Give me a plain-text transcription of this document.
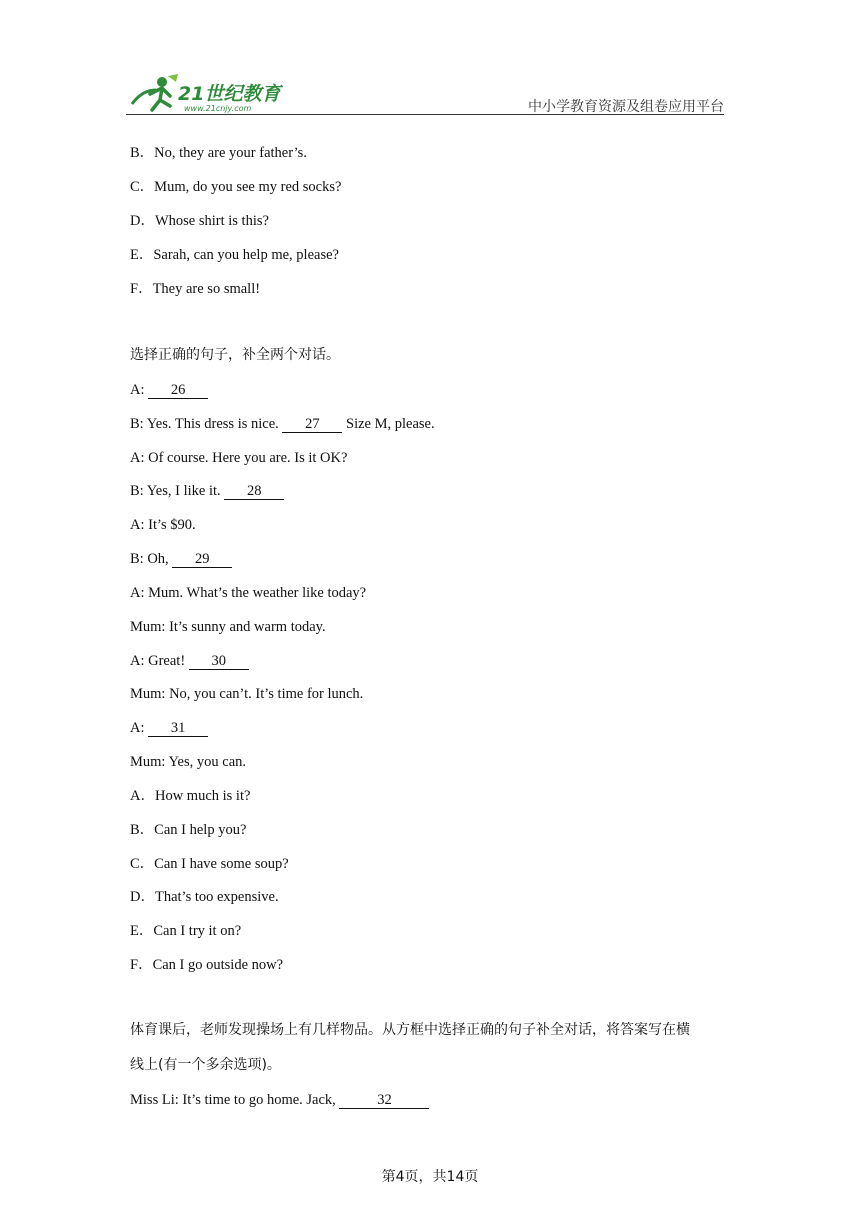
21世纪教育
www.21cnjy.com	中小学教育资源及组卷应用平台
B．No, they are your father’s.
C．Mum, do you see my red socks?
D．Whose shirt is this?
E．Sarah, can you help me, please?
F．They are so small!
选择正确的句子，补全两个对话。
A: 26
B: Yes. This dress is nice. 27 Size M, please.
A: Of course. Here you are. Is it OK?
B: Yes, I like it. 28
A: It’s $90.
B: Oh, 29
A: Mum. What’s the weather like today?
Mum: It’s sunny and warm today.
A: Great! 30
Mum: No, you can’t. It’s time for lunch.
A: 31
Mum: Yes, you can.
A．How much is it?
B．Can I help you?
C．Can I have some soup?
D．That’s too expensive.
E．Can I try it on?
F．Can I go outside now?
体育课后，老师发现操场上有几样物品。从方框中选择正确的句子补全对话，将答案写在横
线上(有一个多余选项)。
Miss Li: It’s time to go home. Jack,	32
第4页，共14页
